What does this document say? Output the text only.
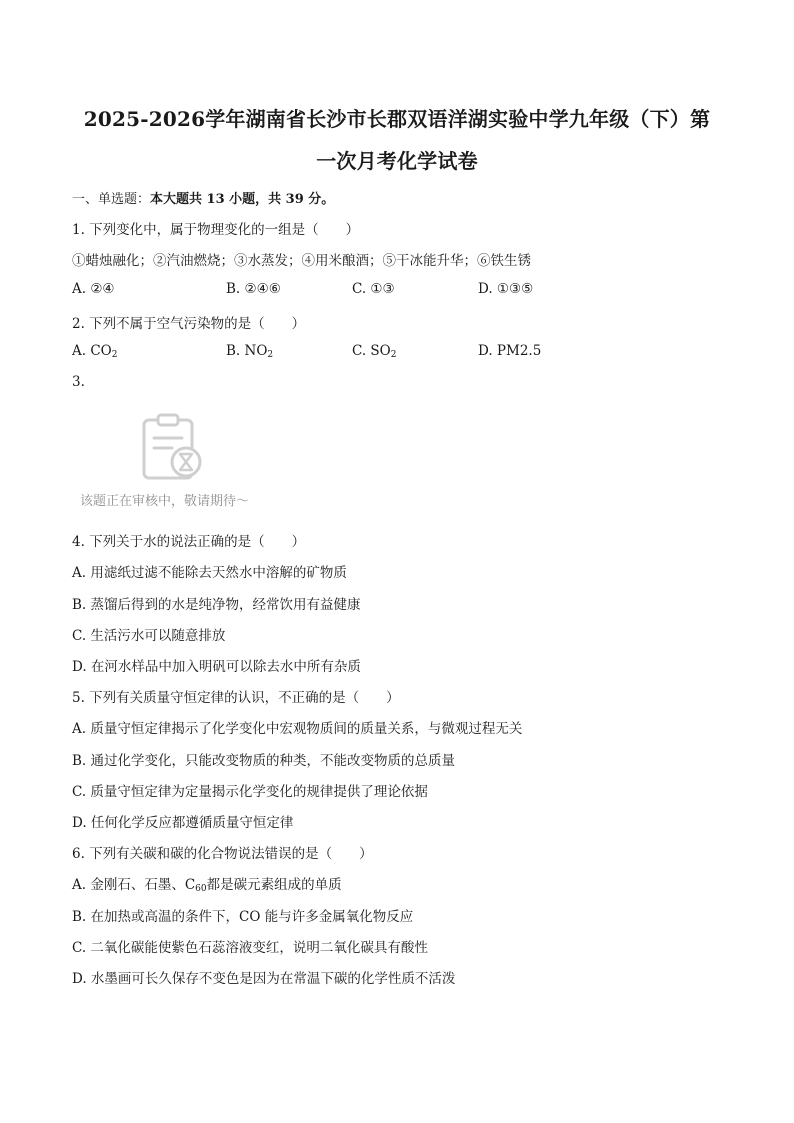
2025-2026学年湖南省长沙市长郡双语洋湖实验中学九年级（下）第
一次月考化学试卷
一、单选题：本大题共 13 小题，共 39 分。
1. 下列变化中，属于物理变化的一组是（　　）
①蜡烛融化；②汽油燃烧；③水蒸发；④用米酿酒；⑤干冰能升华；⑥铁生锈
A. ②④	B. ②④⑥	C. ①③	D. ①③⑤
2. 下列不属于空气污染物的是（　　）
A. $CO_2$	B. $NO_2$	C. $SO_2$	D. PM2.5
3.
该题正在审核中，敬请期待～
4. 下列关于水的说法正确的是（　　）
A. 用滤纸过滤不能除去天然水中溶解的矿物质
B. 蒸馏后得到的水是纯净物，经常饮用有益健康
C. 生活污水可以随意排放
D. 在河水样品中加入明矾可以除去水中所有杂质
5. 下列有关质量守恒定律的认识，不正确的是（　　）
A. 质量守恒定律揭示了化学变化中宏观物质间的质量关系，与微观过程无关
B. 通过化学变化，只能改变物质的种类，不能改变物质的总质量
C. 质量守恒定律为定量揭示化学变化的规律提供了理论依据
D. 任何化学反应都遵循质量守恒定律
6. 下列有关碳和碳的化合物说法错误的是（　　）
A. 金刚石、石墨、$C_{60}$都是碳元素组成的单质
B. 在加热或高温的条件下，CO 能与许多金属氧化物反应
C. 二氧化碳能使紫色石蕊溶液变红，说明二氧化碳具有酸性
D. 水墨画可长久保存不变色是因为在常温下碳的化学性质不活泼
